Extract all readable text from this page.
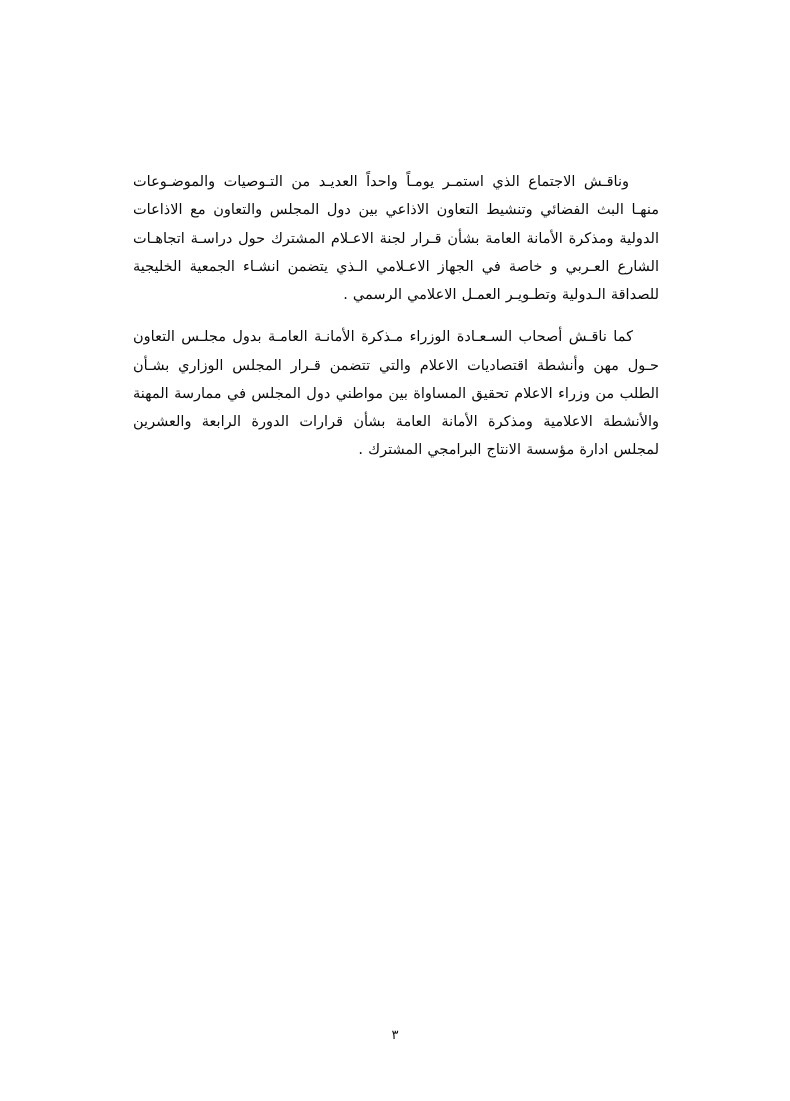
وناقـش الاجتماع الذي استمـر يومـاً واحداً العديـد من التـوصيات والموضـوعات منهـا البث الفضائي وتنشيط التعاون الاذاعي بين دول المجلس والتعاون مع الاذاعات الدولية ومذكرة الأمانة العامة بشأن قـرار لجنة الاعـلام المشترك حول دراسـة اتجاهـات الشارع العـربي و خاصة في الجهاز الاعـلامي الـذي يتضمن انشـاء الجمعية الخليجية للصداقة الـدولية وتطـويـر العمـل الاعلامي الرسمي .

كما ناقـش أصحاب السـعـادة الوزراء مـذكرة الأمانـة العامـة بدول مجلـس التعاون حـول مهن وأنشطة اقتصاديات الاعلام والتي تتضمن قـرار المجلس الوزاري بشـأن الطلب من وزراء الاعلام تحقيق المساواة بين مواطني دول المجلس في ممارسة المهنة والأنشطة الاعلامية ومذكرة الأمانة العامة بشأن قرارات الدورة الرابعة والعشرين لمجلس ادارة مؤسسة الانتاج البرامجي المشترك .

٣
